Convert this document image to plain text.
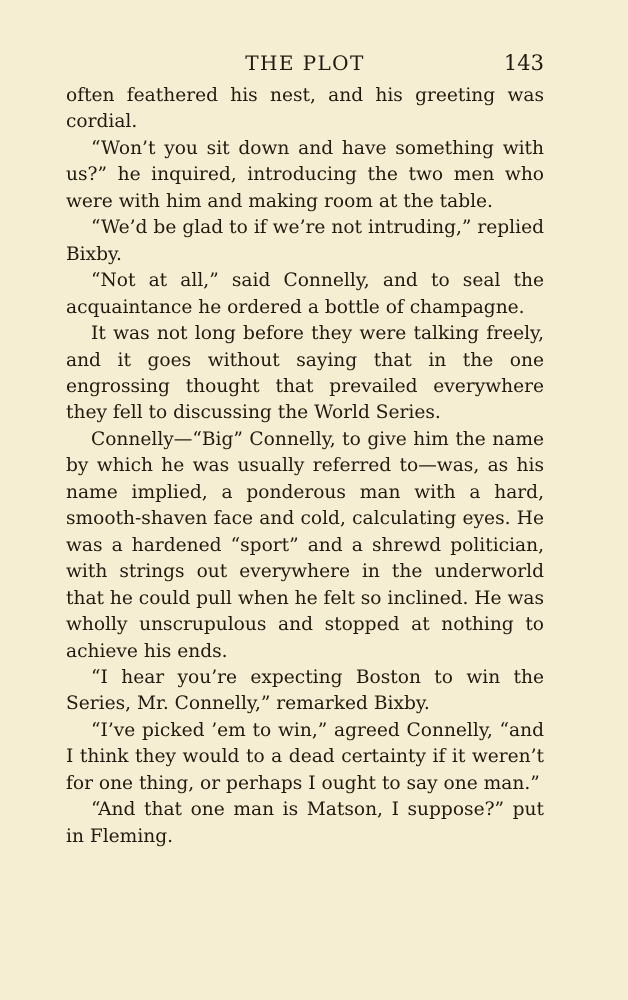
THE PLOT	143

often feathered his nest, and his greeting was cordial.

“Won’t you sit down and have something with us?” he inquired, introducing the two men who were with him and making room at the table.

“We’d be glad to if we’re not intruding,” replied Bixby.

“Not at all,” said Connelly, and to seal the acquaintance he ordered a bottle of champagne.

It was not long before they were talking freely, and it goes without saying that in the one engrossing thought that prevailed everywhere they fell to discussing the World Series.

Connelly—“Big” Connelly, to give him the name by which he was usually referred to—was, as his name implied, a ponderous man with a hard, smooth-shaven face and cold, calculating eyes. He was a hardened “sport” and a shrewd politician, with strings out everywhere in the underworld that he could pull when he felt so inclined. He was wholly unscrupulous and stopped at nothing to achieve his ends.

“I hear you’re expecting Boston to win the Series, Mr. Connelly,” remarked Bixby.

“I’ve picked ’em to win,” agreed Connelly, “and I think they would to a dead certainty if it weren’t for one thing, or perhaps I ought to say one man.”

“And that one man is Matson, I suppose?” put in Fleming.
